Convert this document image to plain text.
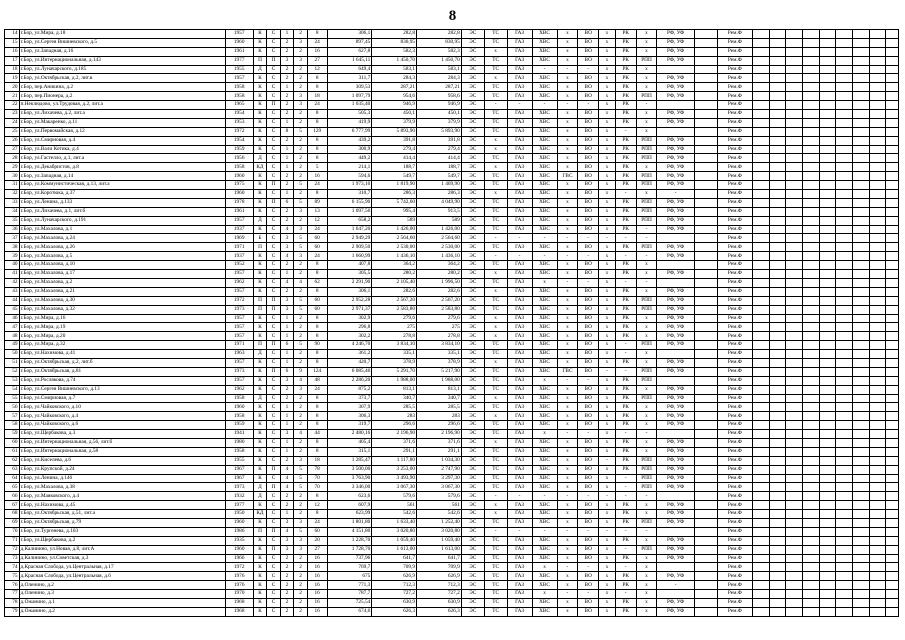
8
14	г.Бор, ул.Мира, д.18	1957	К	С	1	2	8	306,1	282,8	282,8	ЭС	ТС	ГАЗ	ХВС	х	ВО	х	РК	х	РФ, УФ		Рем.Ф									
15	г.Бор, ул.Сергея Вишневского, д.5	1960	К	С	2	3	24	897,45	830,95	830,95	ЭС	ТС	ГАЗ	ХВС	х	ВО	х	РК	х	РФ, УФ		Рем.Ф									
16	г.Бор, ул.Западная, д.16	1961	К	С	2	2	16	627,8	582,3	582,3	ЭС	х	ГАЗ	ХВС	х	ВО	х	РК	х	РФ, УФ		Рем.Ф									
17	г.Бор, ул.Интернациональная, д.143	1977	П	П	3	3	27	1 645,11	1 450,70	1 450,70	ЭС	ТС	ГАЗ	ХВС	х	ВО	х	РК	РПП	РФ, УФ		Рем.Ф									
18	г.Бор, ул.Луначарского, д.185	1955	Д	С	2	2	12	649,4	583,1	583,1	ЭС	ТС	ГАЗ	-	-	-	х	РК	х			Рем.Ф									
19	г.Бор, ул.Октябрьская, д.2, лит.в	1957	К	С	2	2	8	311,7	284,3	284,3	ЭС	х	ГАЗ	ХВС	х	ВО	х	РК	х	РФ, УФ		Рем.Ф									
20	г.Бор, пер.Аникина, д.2	1958	К	С	1	2	8	309,53	287,21	287,21	ЭС	ТС	ГАЗ	ХВС	х	ВО	х	РК	х	РФ, УФ		Рем.Ф									
21	г.Бор, пер.Пионера, д.2	1958	К	С	2	3	18	1 097,79	954,6	958,6	ЭС	ТС	ГАЗ	ХВС	х	ВО	х	РК	РПП	РФ, УФ		Рем.Ф									
22	п.Неклюдово, ул.Трудовая, д.2, лит.а	1965	К	П	2	3	24	1 035,40	946,9	946,9	ЭС	-	-	-	-	-	х	РК	-			Рем.Ф									
23	г.Бор, ул.Лихачева, д.2, лит.а	1954	К	С	2	2	8	505,3	450,1	450,1	ЭС	ТС	ГАЗ	ХВС	х	ВО	х	РК	х	РФ, УФ		Рем.Ф									
24	г.Бор, ул.Макаренко, д.11	1953	К	С	1	2	8	419,9	379,9	379,9	ЭС	ТС	ГАЗ	ХВС	х	ВО	х	РК	х	РФ, УФ		Рем.Ф									
25	г.Бор, ул.Первомайская, д.12	1972	К	С	8	5	129	6 777,99	5 893,90	5 893,90	ЭС	ТС	ГАЗ	ХВС	х	ВО	х	-	х			Рем.Ф									
26	г.Бор, ул.Смирновая, д.4	1954	К	С	2	2	8	439,2	391,8	391,8	ЭС	х	ГАЗ	ХВС	х	ВО	х	РК	РПП	РФ, УФ		Рем.Ф									
27	г.Бор, ул.Вали Котика, д.4	1959	К	С	1	2	8	300,9	279,4	279,4	ЭС	х	ГАЗ	ХВС	х	ВО	х	РК	РПП	РФ, УФ		Рем.Ф									
28	г.Бор, ул.Гастелло, д.1, лит.а	1956	Д	С	1	2	8	449,2	414,4	414,4	ЭС	ТС	ГАЗ	ХВС	х	ВО	х	РК	РПП	РФ, УФ		Рем.Ф									
29	г.Бор, ул.Декабристов, д.8	1958	КД	С	1	2	5	214,1	188,7	188,7	ЭС	х	ГАЗ	ХВС	х	ВО	х	РК	х	РФ, УФ		Рем.Ф									
30	г.Бор, ул.Западная, д.14	1960	К	С	2	2	16	594,6	549,7	549,7	ЭС	ТС	ГАЗ	ХВС	ГВС	ВО	х	РК	РПП	РФ, УФ		Рем.Ф									
31	г.Бор, ул.Коммунистическая, д.13, лит.а	1975	К	П	2	5	24	1 973,10	1 819,90	1 469,90	ЭС	ТС	ГАЗ	ХВС	х	ВО	х	РК	РПП	РФ, УФ		Рем.Ф									
32	г.Бор, ул.Коротюка, д.37	1960	К	С	1	2	8	310,7	286,3	286,3	ЭС	х	ГАЗ	ХВС	х	ВО	х	-	х	-		Рем.Ф									
33	г.Бор, ул.Ленина, д.133	1978	К	П	6	5	89	6 155,90	5 742,60	4 049,90	ЭС	ТС	ГАЗ	ХВС	х	ВО	х	РК	РПП	РФ, УФ		Рем.Ф									
34	г.Бор, ул.Лихачева, д.1, лит.б	1961	К	С	2	3	13	1 097,56	995,4	913,5	ЭС	ТС	ГАЗ	ХВС	х	ВО	х	РК	РПП	РФ, УФ		Рем.Ф									
35	г.Бор, ул.Луначарского, д.191	1957	Д	С	2	2	12	658,2	589	589	ЭС	ТС	ГАЗ	ХВС	х	ВО	х	РК	РПП	РФ, УФ		Рем.Ф									
36	г.Бор, ул.Махалова, д.1	1937	К	С	4	3	24	1 647,20	1 426,00	1 426,00	ЭС	ТС	ГАЗ	ХВС	х	ВО	х	РК	-	РФ, УФ		Рем.Ф									
37	г.Бор, ул.Махалова, д.24	1969	Б	С	3	5	60	2 949,29	2 564,60	2 564,60	ЭС	-	-	-	-	-	-	-	-			Рем.Ф									
38	г.Бор, ул.Махалова, д.26	1971	П	С	3	5	60	2 909,50	2 530,00	2 530,00	ЭС	ТС	ГАЗ	ХВС	х	ВО	х	РК	РПП	РФ, УФ		Рем.Ф									
39	г.Бор, ул.Махалова, д.5	1937	К	С	4	3	24	1 660,99	1 436,10	1 436,10	ЭС	-	-	-	-	-	х	-	-	РФ, УФ		Рем.Ф									
40	г.Бор, ул.Махалова, д.10	1952	К	С	2	2	8	407,8	364,2	364,2	ЭС	ТС	ГАЗ	ХВС	х	ВО	х	РК	х			Рем.Ф									
41	г.Бор, ул.Махалова, д.17	1957	К	С	1	2	8	305,5	280,2	280,2	ЭС	х	ГАЗ	ХВС	х	ВО	х	РК	х	РФ, УФ		Рем.Ф									
42	г.Бор, ул.Махалова, д.2	1962	К	С	4	4	62	2 291,90	2 105,40	1 996,50	ЭС	ТС	ГАЗ	х	-	-	х	-	-			Рем.Ф									
43	г.Бор, ул.Махалова, д.21	1957	К	С	2	2	8	306,1	282,6	282,6	ЭС	х	ГАЗ	ХВС	х	ВО	х	РК	х	РФ, УФ		Рем.Ф									
44	г.Бор, ул.Махалова, д.30	1972	П	П	3	5	60	2 952,28	2 567,20	2 567,20	ЭС	ТС	ГАЗ	ХВС	х	ВО	х	РК	РПП	РФ, УФ		Рем.Ф									
45	г.Бор, ул.Махалова, д.32	1973	П	П	3	5	60	2 971,37	2 583,80	2 583,80	ЭС	ТС	ГАЗ	ХВС	х	ВО	х	РК	РПП	РФ, УФ		Рем.Ф									
46	г.Бор, ул.Мира, д.16	1957	К	С	1	2	8	302,9	279,6	279,6	ЭС	х	ГАЗ	ХВС	х	ВО	х	РК	х	РФ, УФ		Рем.Ф									
47	г.Бор, ул.Мира, д.19	1957	К	С	1	2	8	296,8	275	275	ЭС	х	ГАЗ	ХВС	х	ВО	х	РК	х	РФ, УФ		Рем.Ф									
48	г.Бор, ул.Мира, д.20	1957	К	С	1	2	8	302,2	278,8	278,8	ЭС	х	ГАЗ	ХВС	х	ВО	х	РК	х	РФ, УФ		Рем.Ф									
49	г.Бор, ул.Мира, д.32	1971	П	П	6	5	90	4 246,70	3 834,10	3 834,10	ЭС	ТС	ГАЗ	ХВС	х	ВО	х	-	РПП	РФ, УФ		Рем.Ф									
50	г.Бор, ул.Нахимова, д.41	1963	Д	С	1	2	8	361,2	335,1	335,1	ЭС	ТС	ГАЗ	ХВС	х	ВО	х	-	х			Рем.Ф									
51	г.Бор, ул.Октябрьская, д.2, лит.б	1957	К	С	1	2	8	420,7	378,9	378,9	ЭС	х	ГАЗ	ХВС	х	ВО	х	РК	х	РФ, УФ		Рем.Ф									
52	г.Бор, ул.Октябрьская, д.81	1973	К	П	6	9	124	6 085,46	5 291,70	5 217,90	ЭС	ТС	ГАЗ	ХВС	ГВС	ВО	-	-	РПП	РФ, УФ		Рем.Ф									
53	г.Бор, ул.Рослякова, д.74	1957	К	С	3	4	48	2 286,20	1 988,00	1 988,00	ЭС	ТС	ГАЗ	х	-	-	х	РК	РПП			Рем.Ф									
54	г.Бор, ул.Сергея Вишневского, д.13	1962	К	С	2	3	24	875,2	813,1	813,1	ЭС	ТС	ГАЗ	ХВС	х	ВО	х	РК	х	РФ, УФ		Рем.Ф									
55	г.Бор, ул.Смирновая, д.7	1958	Д	С	2	2	8	373,7	340,7	340,7	ЭС	х	ГАЗ	ХВС	х	ВО	х	РК	РПП	РФ, УФ		Рем.Ф									
56	г.Бор, ул.Чайковского, д.10	1960	К	С	1	2	8	307,9	285,5	285,5	ЭС	ТС	ГАЗ	ХВС	х	ВО	х	РК	х	РФ, УФ		Рем.Ф									
57	г.Бор, ул.Чайковского, д.4	1958	К	С	1	2	8	306,3	283	283	ЭС	х	ГАЗ	ХВС	х	ВО	х	РК	х	РФ, УФ		Рем.Ф									
58	г.Бор, ул.Чайковского, д.6	1959	К	С	1	2	8	319,7	296,6	296,6	ЭС	ТС	ГАЗ	ХВС	х	ВО	х	РК	х	РФ, УФ		Рем.Ф									
59	г.Бор, ул.Щербакова, д.3	1941	К	С	3	4	44	2 480,16	2 196,90	2 196,90	ЭС	ТС	ГАЗ	х	-	-	х	-	-			Рем.Ф									
60	г.Бор, ул.Интернациональная, д.56, лит.б	1980	К	С	1	2	8	405,4	371,6	371,6	ЭС	х	ГАЗ	ХВС	х	ВО	х	РК	х	РФ, УФ		Рем.Ф									
61	г.Бор, ул.Интернациональная, д.58	1958	К	С	1	2	8	315,1	291,1	291,1	ЭС	ТС	ГАЗ	ХВС	х	ВО	х	РК	х	РФ, УФ		Рем.Ф									
62	г.Бор, ул.Киселева, д.6	1955	К	С	2	3	18	1 285,47	1 117,80	1 034,30	ЭС	ТС	ГАЗ	ХВС	х	ВО	-	РК	РПП	РФ, УФ		Рем.Ф									
63	г.Бор, ул.Крупской, д.24	1967	К	П	4	5	78	3 500,00	3 253,00	2 747,90	ЭС	ТС	ГАЗ	ХВС	х	ВО	х	РК	РПП	РФ, УФ		Рем.Ф									
64	г.Бор, ул.Ленина, д.146	1967	К	С	4	5	70	3 763,90	3 493,90	3 297,30	ЭС	ТС	ГАЗ	ХВС	х	ВО	х	-	РПП	РФ, УФ		Рем.Ф									
65	г.Бор, ул.Махалова, д.38	1973	Д	П	4	5	70	3 346,00	3 067,30	3 067,30	ЭС	ТС	ГАЗ	ХВС	х	ВО	х	-	РПП	РФ, УФ		Рем.Ф									
66	г.Бор, ул.Маяковского, д.4	1932	Д	С	2	2	8	623,6	579,6	579,6	ЭС	-	-	-	-	-	-	-	-			Рем.Ф									
67	г.Бор, ул.Нахимова, д.45	1977	К	С	2	2	12	607,9	561	561	ЭС	х	ГАЗ	ХВС	х	ВО	х	РК	х	РФ, УФ		Рем.Ф									
68	г.Бор, ул.Октябрьская, д.51, лит.а	1950	КД	С	1	2	8	623,99	542,6	542,6	ЭС	х	ГАЗ	ХВС	х	ВО	х	РК	х	РФ, УФ		Рем.Ф									
69	г.Бор, ул.Октябрьская, д.79	1960	К	С	3	3	24	1 801,80	1 633,40	1 252,40	ЭС	ТС	ГАЗ	ХВС	х	ВО	х	РК	РПП	РФ, УФ		Рем.Ф									
70	г.Бор, ул.Тургенева, д.103	1986	П	П	4	5	60	4 151,80	3 020,80	3 020,80	ЭС	-	-	-	-	-	-	-	-			Рем.Ф									
71	г.Бор, ул.Щербакова, д.2	1935	К	С	3	3	20	1 228,70	1 059,40	1 059,40	ЭС	ТС	ГАЗ	ХВС	х	ВО	х	РК	х	РФ, УФ		Рем.Ф									
72	д.Калинино, ул.Новая, д.8, лит.А	1960	К	П	3	3	27	1 728,70	1 613,00	1 613,00	ЭС	ТС	ГАЗ	ХВС	х	ВО	х	-	РПП	РФ, УФ		Рем.Ф									
73	д.Калинино, ул.Советская, д.3	1966	К	С	2	2	16	737,96	641,7	641,7	ЭС	ТС	ГАЗ	ХВС	х	ВО	х	РК	х	РФ, УФ		Рем.Ф									
74	д.Красная Слобода, ул.Центральная, д.17	1972	К	С	2	2	16	769,7	709,9	709,9	ЭС	ТС	ГАЗ	х	-	-	х	-	х			Рем.Ф									
75	д.Красная Слобода, ул.Центральная, д.6	1976	К	С	2	2	16	675	626,9	626,9	ЭС	ТС	ГАЗ	ХВС	х	ВО	х	РК	х	РФ, УФ		Рем.Ф									
76	д.Оленино, д.2	1976	К	С	2	2	16	771,3	712,3	712,3	ЭС	ТС	ГАЗ	ХВС	х	ВО	х	РК	х	-		Рем.Ф									
77	д.Оленино, д.3	1970	К	С	2	2	16	787,7	727,2	727,2	ЭС	ТС	ГАЗ	х	-	-	х	-	х			Рем.Ф									
78	д.Ожанино, д.1	1968	К	С	2	2	16	725,54	630,9	630,9	ЭС	ТС	ГАЗ	ХВС	х	ВО	х	РК	х	РФ, УФ		Рем.Ф									
79	д.Ожанино, д.2	1968	К	С	2	2	16	674,6	626,3	626,3	ЭС	ТС	ГАЗ	ХВС	х	ВО	х	РК	х	РФ, УФ		Рем.Ф									
